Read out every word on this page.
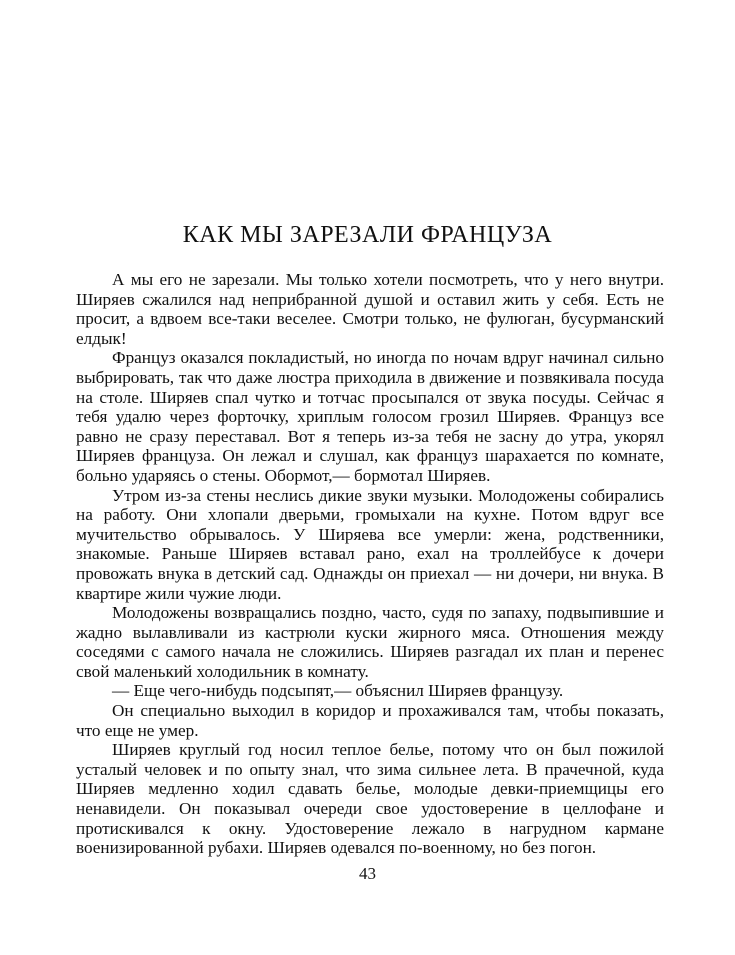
КАК МЫ ЗАРЕЗАЛИ ФРАНЦУЗА

А мы его не зарезали. Мы только хотели посмотреть, что у него внутри. Ширяев сжалился над неприбранной душой и оставил жить у себя. Есть не просит, а вдвоем все-таки веселее. Смотри только, не фулюган, бусурманский елдык!

Француз оказался покладистый, но иногда по ночам вдруг начинал сильно выбрировать, так что даже люстра приходила в движение и позвякивала посуда на столе. Ширяев спал чутко и тотчас просыпался от звука посуды. Сейчас я тебя удалю через форточку, хриплым голосом грозил Ширяев. Француз все равно не сразу переставал. Вот я теперь из-за тебя не засну до утра, укорял Ширяев француза. Он лежал и слушал, как француз шарахается по комнате, больно ударяясь о стены. Обормот,— бормотал Ширяев.

Утром из-за стены неслись дикие звуки музыки. Молодожены собирались на работу. Они хлопали дверьми, громыхали на кухне. Потом вдруг все мучительство обрывалось. У Ширяева все умерли: жена, родственники, знакомые. Раньше Ширяев вставал рано, ехал на троллейбусе к дочери провожать внука в детский сад. Однажды он приехал — ни дочери, ни внука. В квартире жили чужие люди.

Молодожены возвращались поздно, часто, судя по запаху, подвыпившие и жадно вылавливали из кастрюли куски жирного мяса. Отношения между соседями с самого начала не сложились. Ширяев разгадал их план и перенес свой маленький холодильник в комнату.

— Еще чего-нибудь подсыпят,— объяснил Ширяев французу.

Он специально выходил в коридор и прохаживался там, чтобы показать, что еще не умер.

Ширяев круглый год носил теплое белье, потому что он был пожилой усталый человек и по опыту знал, что зима сильнее лета. В прачечной, куда Ширяев медленно ходил сдавать белье, молодые девки-приемщицы его ненавидели. Он показывал очереди свое удостоверение в целлофане и протискивался к окну. Удостоверение лежало в нагрудном кармане военизированной рубахи. Ширяев одевался по-военному, но без погон.

43
